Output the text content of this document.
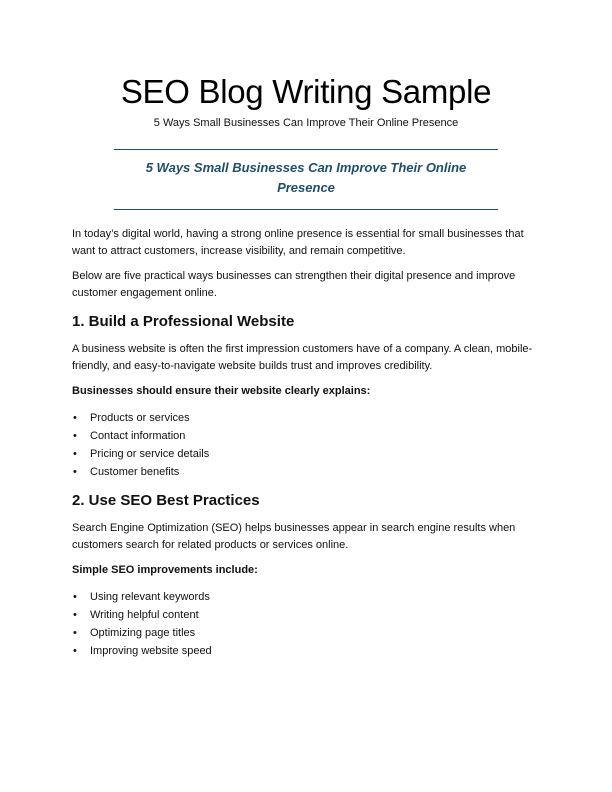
SEO Blog Writing Sample
5 Ways Small Businesses Can Improve Their Online Presence
5 Ways Small Businesses Can Improve Their Online Presence

In today’s digital world, having a strong online presence is essential for small businesses that want to attract customers, increase visibility, and remain competitive.

Below are five practical ways businesses can strengthen their digital presence and improve customer engagement online.

1. Build a Professional Website

A business website is often the first impression customers have of a company. A clean, mobile-friendly, and easy-to-navigate website builds trust and improves credibility.

Businesses should ensure their website clearly explains:

• Products or services
• Contact information
• Pricing or service details
• Customer benefits
2. Use SEO Best Practices

Search Engine Optimization (SEO) helps businesses appear in search engine results when customers search for related products or services online.

Simple SEO improvements include:

• Using relevant keywords
• Writing helpful content
• Optimizing page titles
• Improving website speed
